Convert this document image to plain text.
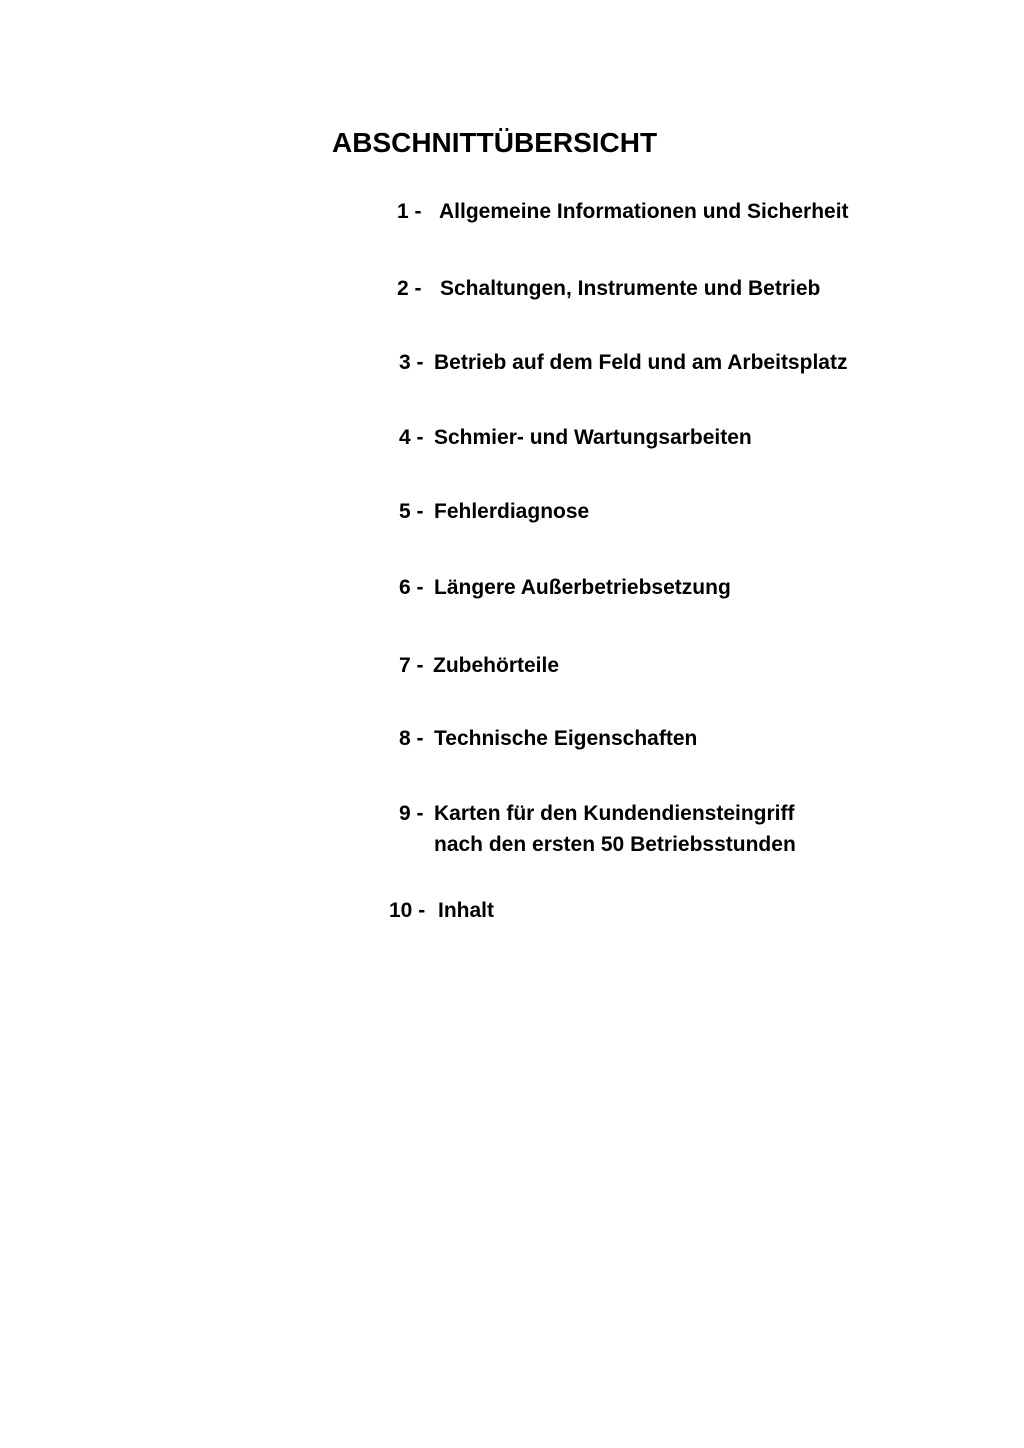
ABSCHNITTÜBERSICHT
1 - Allgemeine Informationen und Sicherheit
2 - Schaltungen, Instrumente und Betrieb
3 - Betrieb auf dem Feld und am Arbeitsplatz
4 - Schmier- und Wartungsarbeiten
5 - Fehlerdiagnose
6 - Längere Außerbetriebsetzung
7 - Zubehörteile
8 - Technische Eigenschaften
9 - Karten für den Kundendiensteingriff
nach den ersten 50 Betriebsstunden
10 - Inhalt
